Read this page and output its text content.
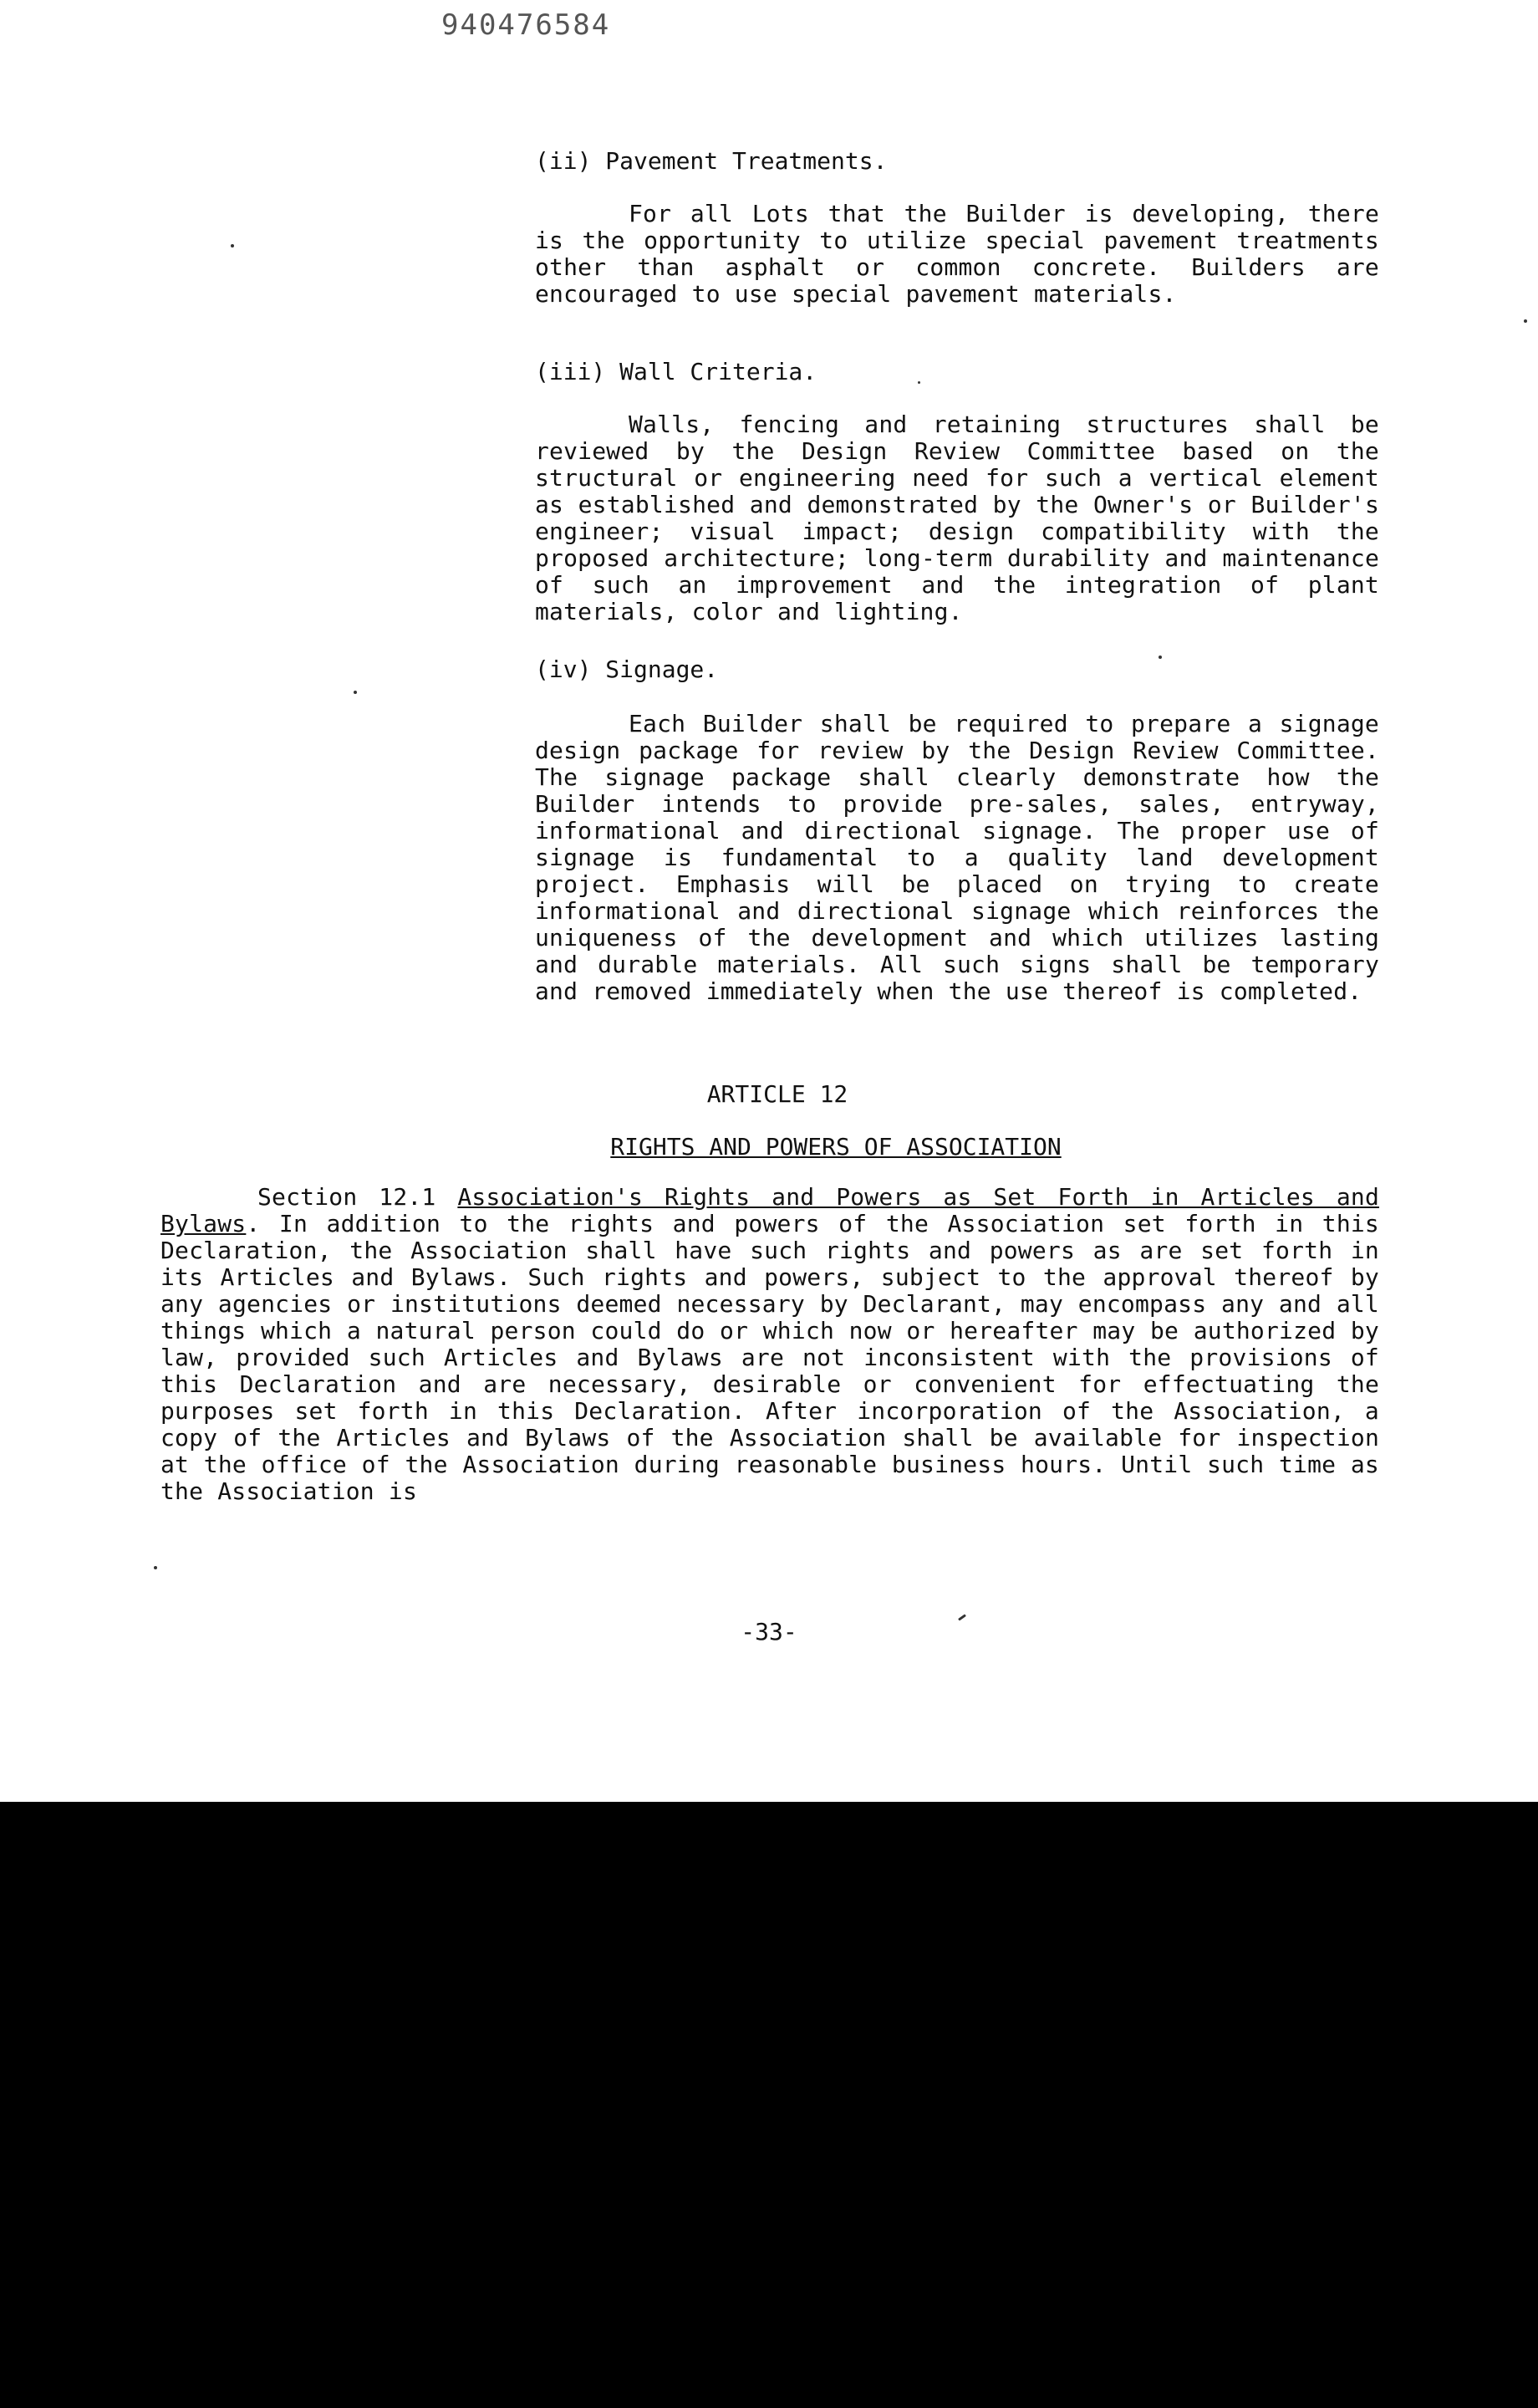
940476584
(ii) Pavement Treatments.
For all Lots that the Builder is developing, there is the opportunity to utilize special pavement treatments other than asphalt or common concrete. Builders are encouraged to use special pavement materials.
(iii) Wall Criteria.
Walls, fencing and retaining structures shall be reviewed by the Design Review Committee based on the structural or engineering need for such a vertical element as established and demonstrated by the Owner's or Builder's engineer; visual impact; design compatibility with the proposed architecture; long-term durability and maintenance of such an improvement and the integration of plant materials, color and lighting.
(iv) Signage.
Each Builder shall be required to prepare a signage design package for review by the Design Review Committee. The signage package shall clearly demonstrate how the Builder intends to provide pre-sales, sales, entryway, informational and directional signage. The proper use of signage is fundamental to a quality land development project. Emphasis will be placed on trying to create informational and directional signage which reinforces the uniqueness of the development and which utilizes lasting and durable materials. All such signs shall be temporary and removed immediately when the use thereof is completed.
ARTICLE 12
RIGHTS AND POWERS OF ASSOCIATION
Section 12.1 Association's Rights and Powers as Set Forth in Articles and Bylaws. In addition to the rights and powers of the Association set forth in this Declaration, the Association shall have such rights and powers as are set forth in its Articles and Bylaws. Such rights and powers, subject to the approval thereof by any agencies or institutions deemed necessary by Declarant, may encompass any and all things which a natural person could do or which now or hereafter may be authorized by law, provided such Articles and Bylaws are not inconsistent with the provisions of this Declaration and are necessary, desirable or convenient for effectuating the purposes set forth in this Declaration. After incorporation of the Association, a copy of the Articles and Bylaws of the Association shall be available for inspection at the office of the Association during reasonable business hours. Until such time as the Association is
-33-
